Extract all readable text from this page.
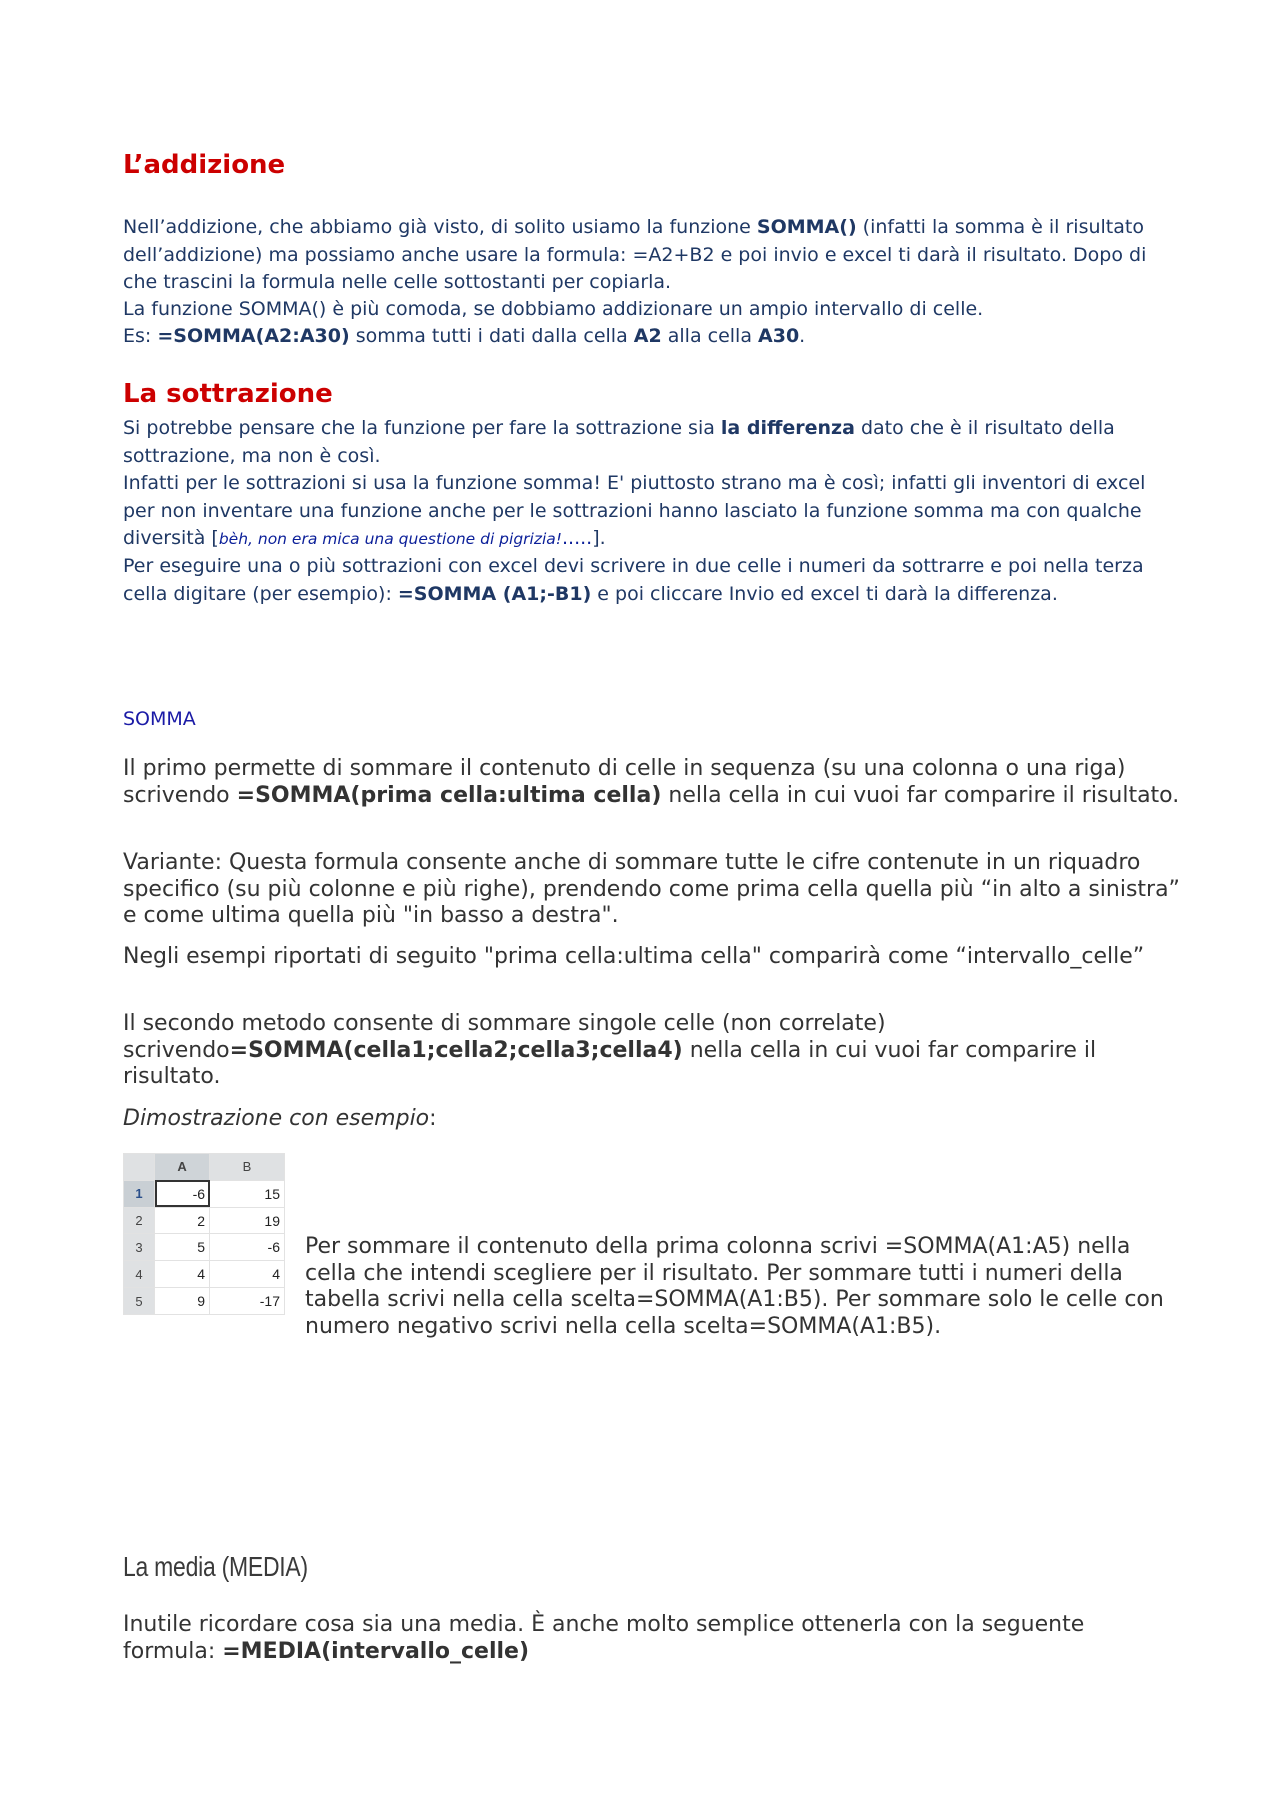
L’addizione

Nell’addizione, che abbiamo già visto, di solito usiamo la funzione SOMMA() (infatti la somma è il risultato dell’addizione) ma possiamo anche usare la formula: =A2+B2 e poi invio e excel ti darà il risultato. Dopo di che trascini la formula nelle celle sottostanti per copiarla.

La funzione SOMMA() è più comoda, se dobbiamo addizionare un ampio intervallo di celle.

Es: =SOMMA(A2:A30) somma tutti i dati dalla cella A2 alla cella A30.

La sottrazione

Si potrebbe pensare che la funzione per fare la sottrazione sia la differenza dato che è il risultato della sottrazione, ma non è così.

Infatti per le sottrazioni si usa la funzione somma! E' piuttosto strano ma è così; infatti gli inventori di excel per non inventare una funzione anche per le sottrazioni hanno lasciato la funzione somma ma con qualche diversità [bèh, non era mica una questione di pigrizia!.....].

Per eseguire una o più sottrazioni con excel devi scrivere in due celle i numeri da sottrarre e poi nella terza cella digitare (per esempio): =SOMMA (A1;-B1) e poi cliccare Invio ed excel ti darà la differenza.

SOMMA

Il primo permette di sommare il contenuto di celle in sequenza (su una colonna o una riga) scrivendo =SOMMA(prima cella:ultima cella) nella cella in cui vuoi far comparire il risultato.

Variante: Questa formula consente anche di sommare tutte le cifre contenute in un riquadro specifico (su più colonne e più righe), prendendo come prima cella quella più “in alto a sinistra” e come ultima quella più "in basso a destra".

Negli esempi riportati di seguito "prima cella:ultima cella" comparirà come “intervallo_celle”

Il secondo metodo consente di sommare singole celle (non correlate) scrivendo=SOMMA(cella1;cella2;cella3;cella4) nella cella in cui vuoi far comparire il risultato.

Dimostrazione con esempio:

	A	B
1	-6	15
2	2	19
3	5	-6
4	4	4
5	9	-17

Per sommare il contenuto della prima colonna scrivi =SOMMA(A1:A5) nella cella che intendi scegliere per il risultato. Per sommare tutti i numeri della tabella scrivi nella cella scelta=SOMMA(A1:B5). Per sommare solo le celle con numero negativo scrivi nella cella scelta=SOMMA(A1:B5).

La media (MEDIA)

Inutile ricordare cosa sia una media. È anche molto semplice ottenerla con la seguente formula: =MEDIA(intervallo_celle)
